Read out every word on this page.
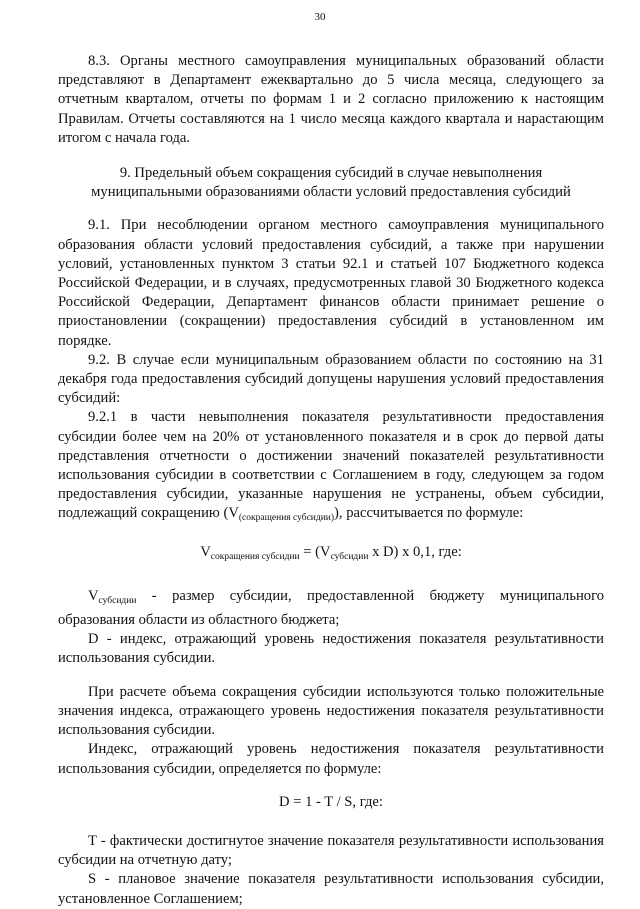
30

8.3. Органы местного самоуправления муниципальных образований области представляют в Департамент ежеквартально до 5 числа месяца, следующего за отчетным кварталом, отчеты по формам 1 и 2 согласно приложению к настоящим Правилам. Отчеты составляются на 1 число месяца каждого квартала и нарастающим итогом с начала года.

9. Предельный объем сокращения субсидий в случае невыполнения муниципальными образованиями области условий предоставления субсидий

9.1. При несоблюдении органом местного самоуправления муниципального образования области условий предоставления субсидий, а также при нарушении условий, установленных пунктом 3 статьи 92.1 и статьей 107 Бюджетного кодекса Российской Федерации, и в случаях, предусмотренных главой 30 Бюджетного кодекса Российской Федерации, Департамент финансов области принимает решение о приостановлении (сокращении) предоставления субсидий в установленном им порядке.

9.2. В случае если муниципальным образованием области по состоянию на 31 декабря года предоставления субсидий допущены нарушения условий предоставления субсидий:

9.2.1 в части невыполнения показателя результативности предоставления субсидии более чем на 20% от установленного показателя и в срок до первой даты представления отчетности о достижении значений показателей результативности использования субсидии в соответствии с Соглашением в году, следующем за годом предоставления субсидии, указанные нарушения не устранены, объем субсидии, подлежащий сокращению $(V_{(сокращения субсидии)})$, рассчитывается по формуле:

$V_{сокращения субсидии} = (V_{субсидии}$ x D) x 0,1, где:

$V_{субсидии}$ - размер субсидии, предоставленной бюджету муниципального образования области из областного бюджета;

D - индекс, отражающий уровень недостижения показателя результативности использования субсидии.

При расчете объема сокращения субсидии используются только положительные значения индекса, отражающего уровень недостижения показателя результативности использования субсидии.

Индекс, отражающий уровень недостижения показателя результативности использования субсидии, определяется по формуле:

D = 1 - T / S, где:

T - фактически достигнутое значение показателя результативности использования субсидии на отчетную дату;

S - плановое значение показателя результативности использования субсидии, установленное Соглашением;
